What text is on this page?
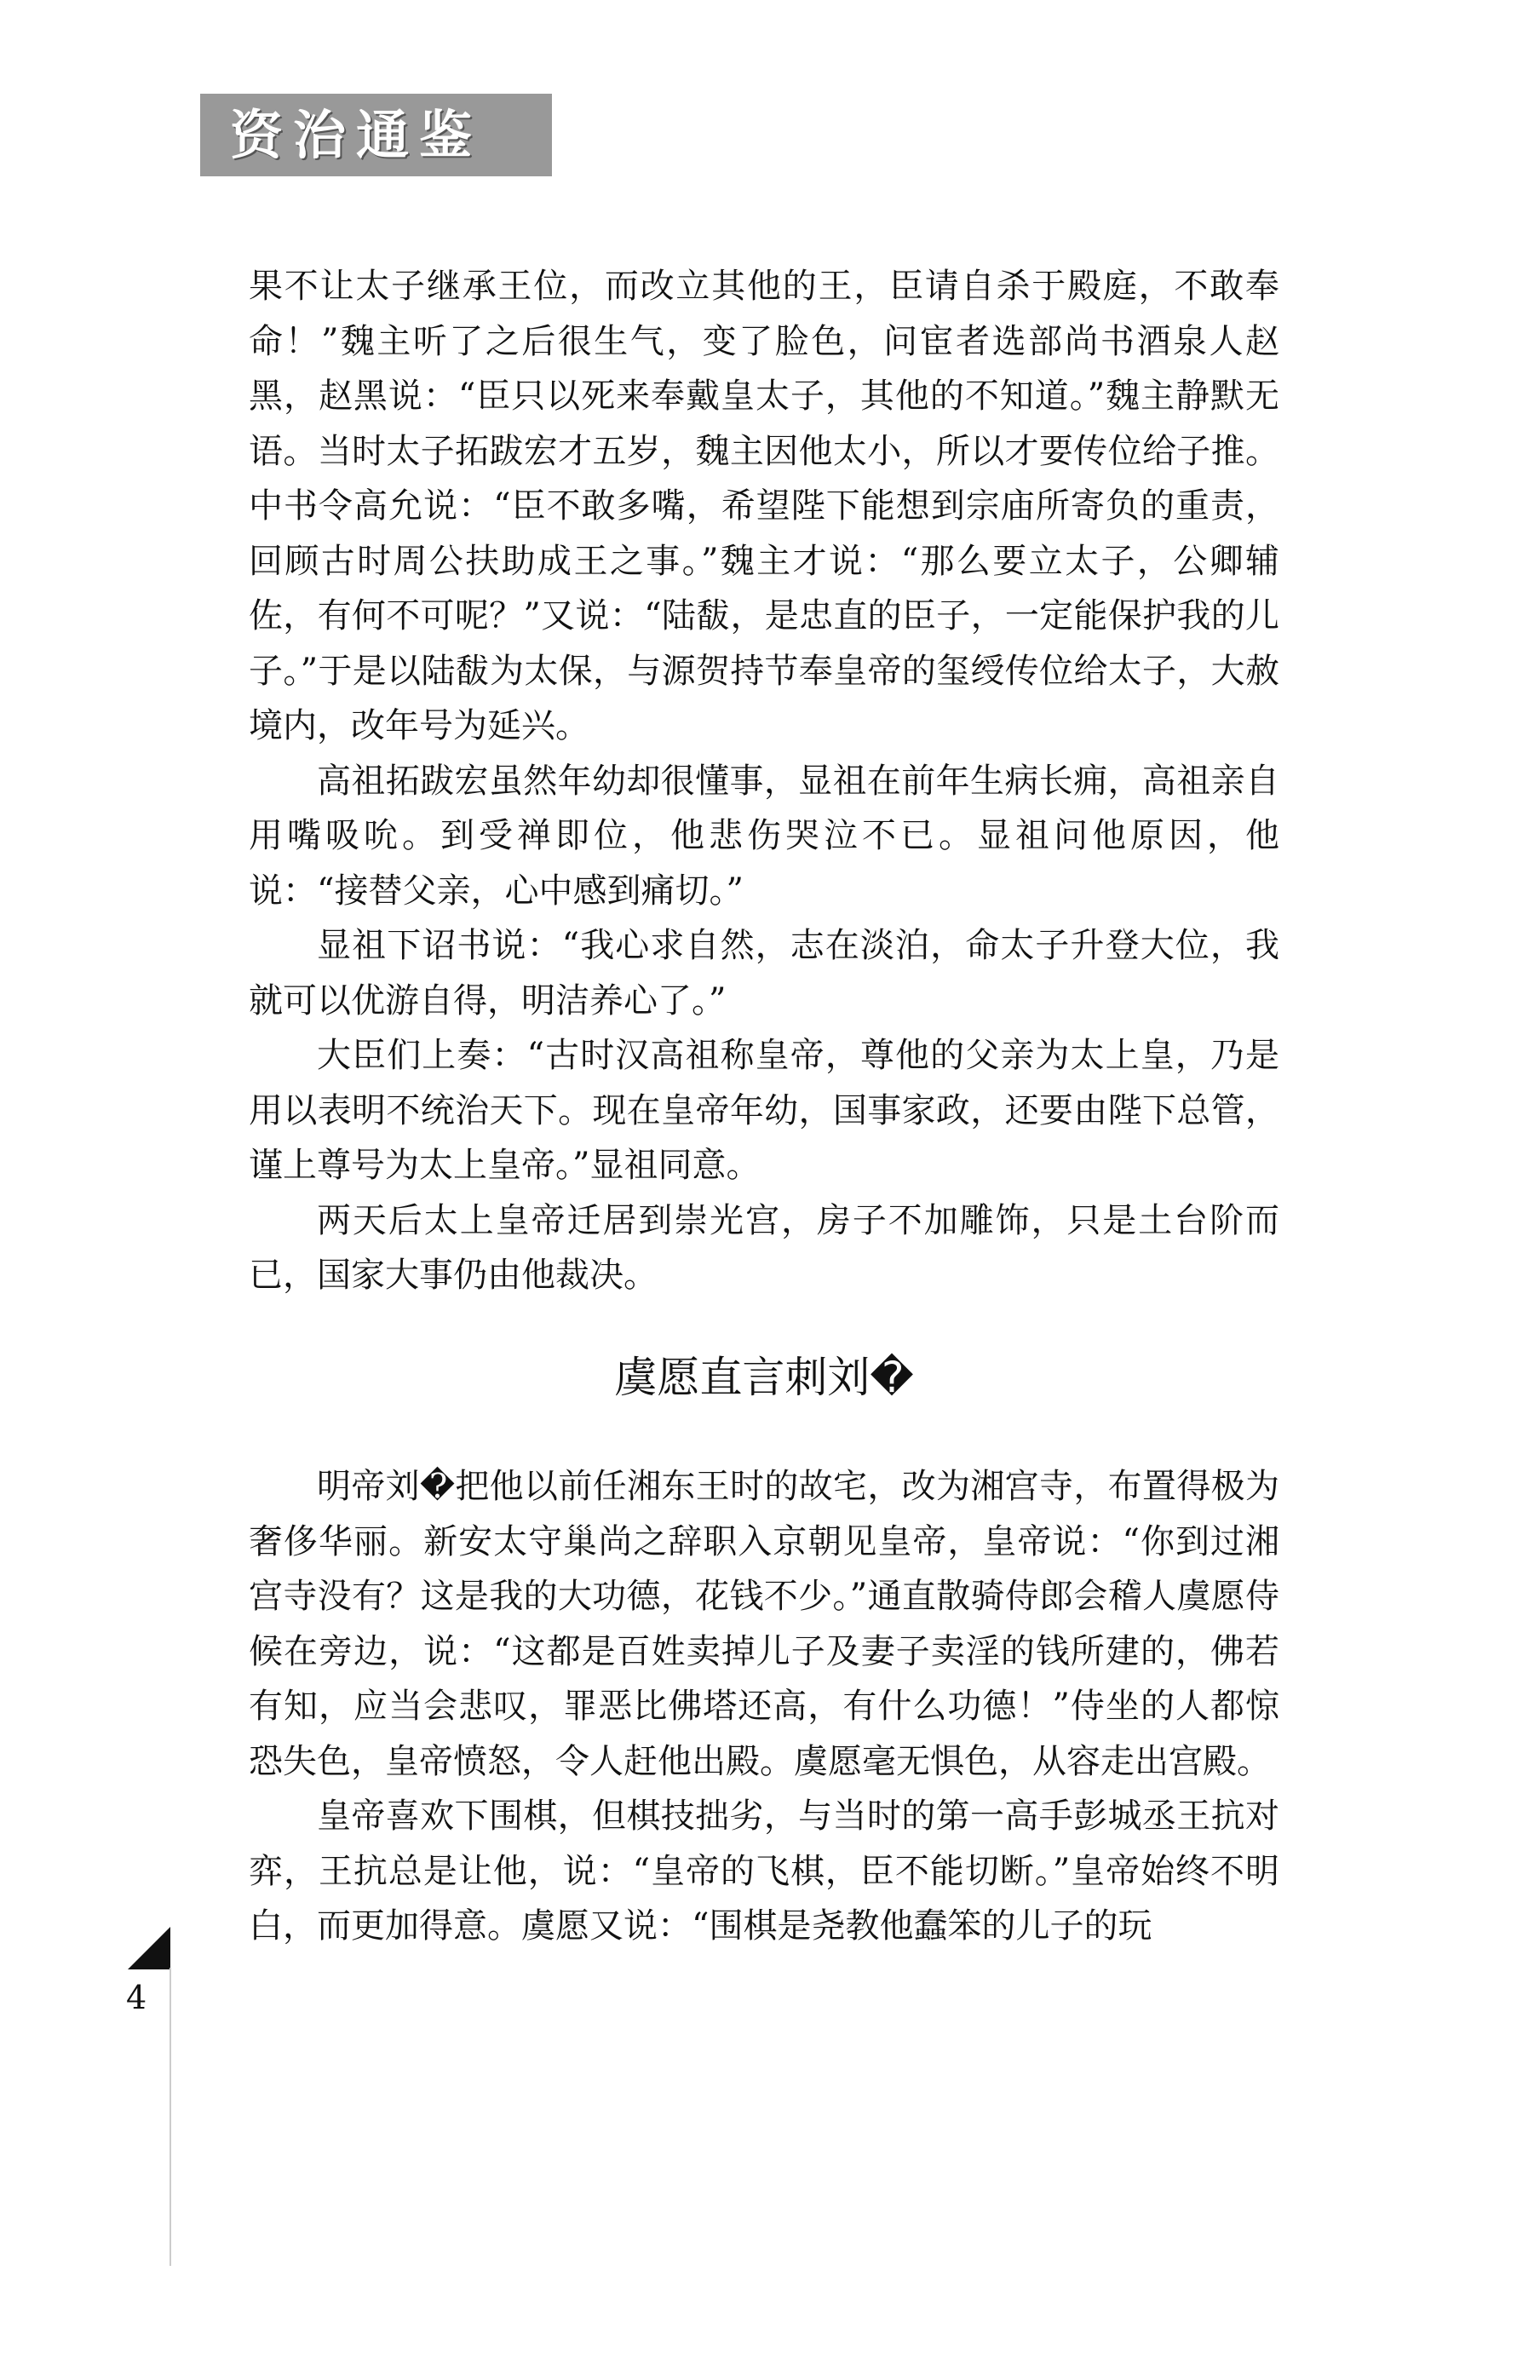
资治通鉴

果不让太子继承王位，而改立其他的王，臣请自杀于殿庭，不敢奉命！”魏主听了之后很生气，变了脸色，问宦者选部尚书酒泉人赵黑，赵黑说：“臣只以死来奉戴皇太子，其他的不知道。”魏主静默无语。当时太子拓跋宏才五岁，魏主因他太小，所以才要传位给子推。中书令高允说：“臣不敢多嘴，希望陛下能想到宗庙所寄负的重责，回顾古时周公扶助成王之事。”魏主才说：“那么要立太子，公卿辅佐，有何不可呢？”又说：“陆馛，是忠直的臣子，一定能保护我的儿子。”于是以陆馛为太保，与源贺持节奉皇帝的玺绶传位给太子，大赦境内，改年号为延兴。

高祖拓跋宏虽然年幼却很懂事，显祖在前年生病长痈，高祖亲自用嘴吸吮。到受禅即位，他悲伤哭泣不已。显祖问他原因，他说：“接替父亲，心中感到痛切。”

显祖下诏书说：“我心求自然，志在淡泊，命太子升登大位，我就可以优游自得，明洁养心了。”

大臣们上奏：“古时汉高祖称皇帝，尊他的父亲为太上皇，乃是用以表明不统治天下。现在皇帝年幼，国事家政，还要由陛下总管，谨上尊号为太上皇帝。”显祖同意。

两天后太上皇帝迁居到崇光宫，房子不加雕饰，只是土台阶而已，国家大事仍由他裁决。

虞愿直言刺刘�

明帝刘�把他以前任湘东王时的故宅，改为湘宫寺，布置得极为奢侈华丽。新安太守巢尚之辞职入京朝见皇帝，皇帝说：“你到过湘宫寺没有？这是我的大功德，花钱不少。”通直散骑侍郎会稽人虞愿侍候在旁边，说：“这都是百姓卖掉儿子及妻子卖淫的钱所建的，佛若有知，应当会悲叹，罪恶比佛塔还高，有什么功德！”侍坐的人都惊恐失色，皇帝愤怒，令人赶他出殿。虞愿毫无惧色，从容走出宫殿。

皇帝喜欢下围棋，但棋技拙劣，与当时的第一高手彭城丞王抗对弈，王抗总是让他，说：“皇帝的飞棋，臣不能切断。”皇帝始终不明白，而更加得意。虞愿又说：“围棋是尧教他蠢笨的儿子的玩

4
